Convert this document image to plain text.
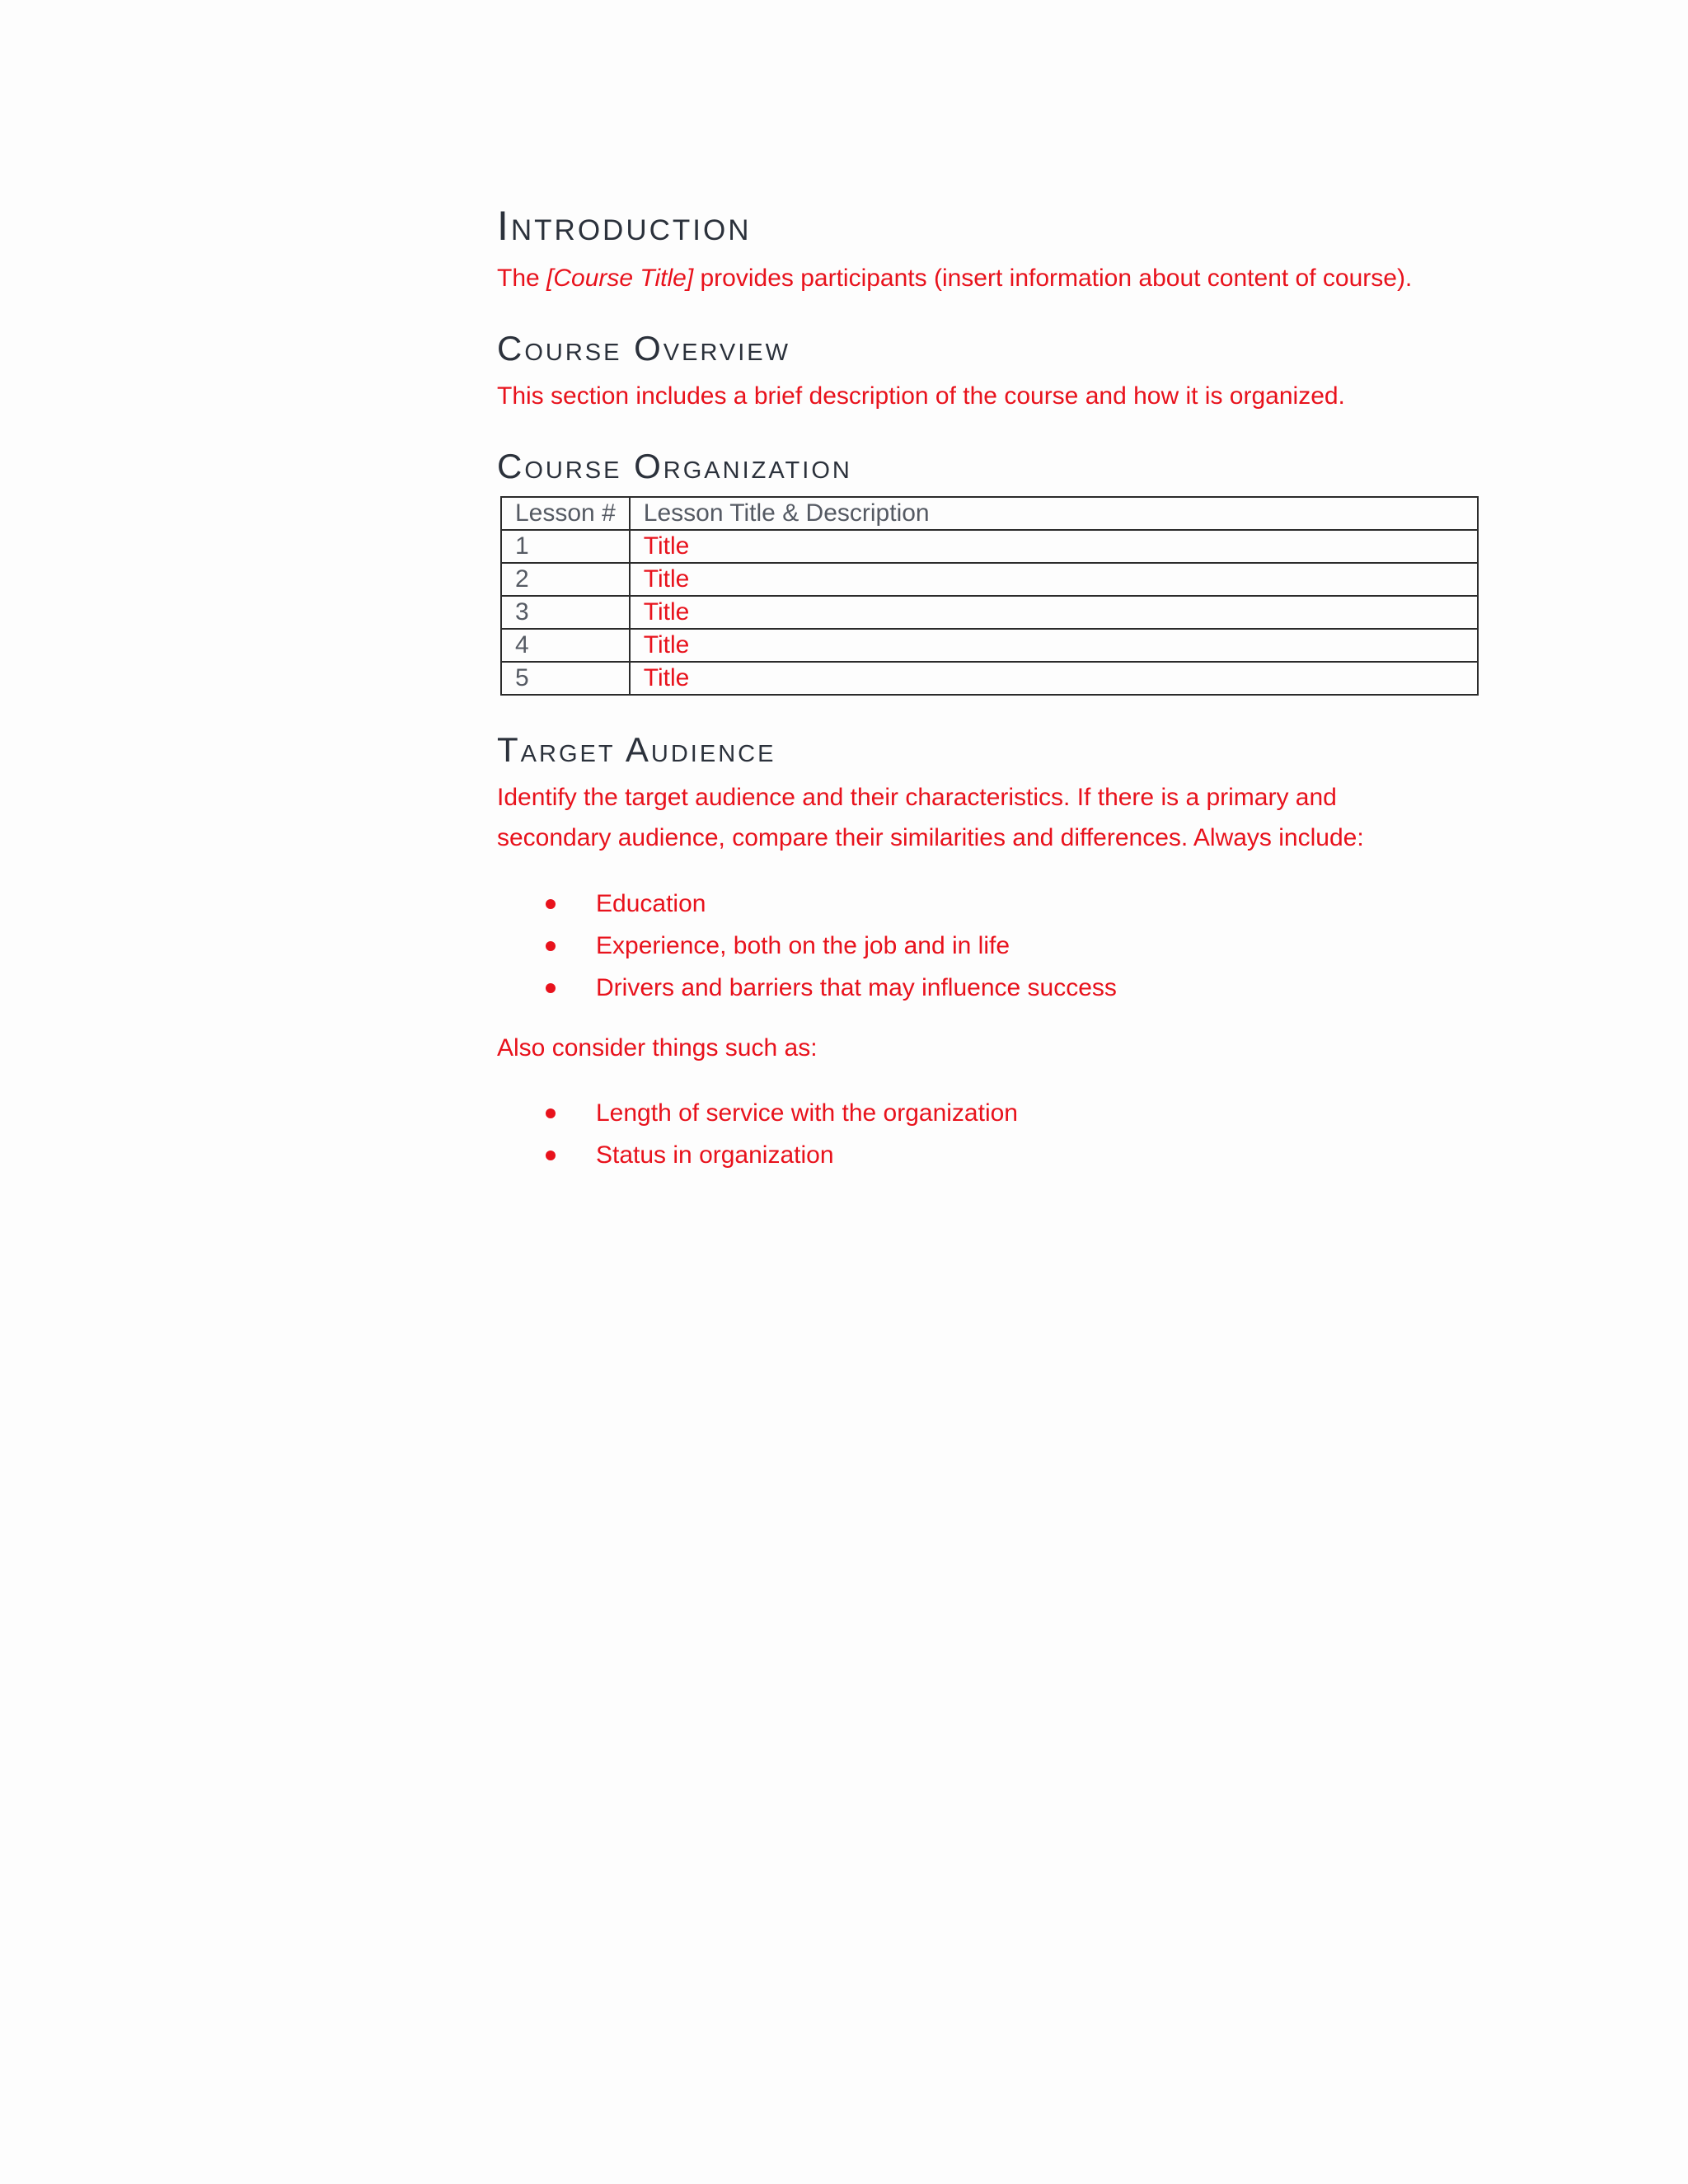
Introduction

The [Course Title] provides participants (insert information about content of course).

Course Overview

This section includes a brief description of the course and how it is organized.

Course Organization
Lesson #	Lesson Title & Description
1	Title
2	Title
3	Title
4	Title
5	Title
Target Audience

Identify the target audience and their characteristics. If there is a primary and

secondary audience, compare their similarities and differences. Always include:

Education
Experience, both on the job and in life
Drivers and barriers that may influence success

Also consider things such as:

Length of service with the organization
Status in organization
